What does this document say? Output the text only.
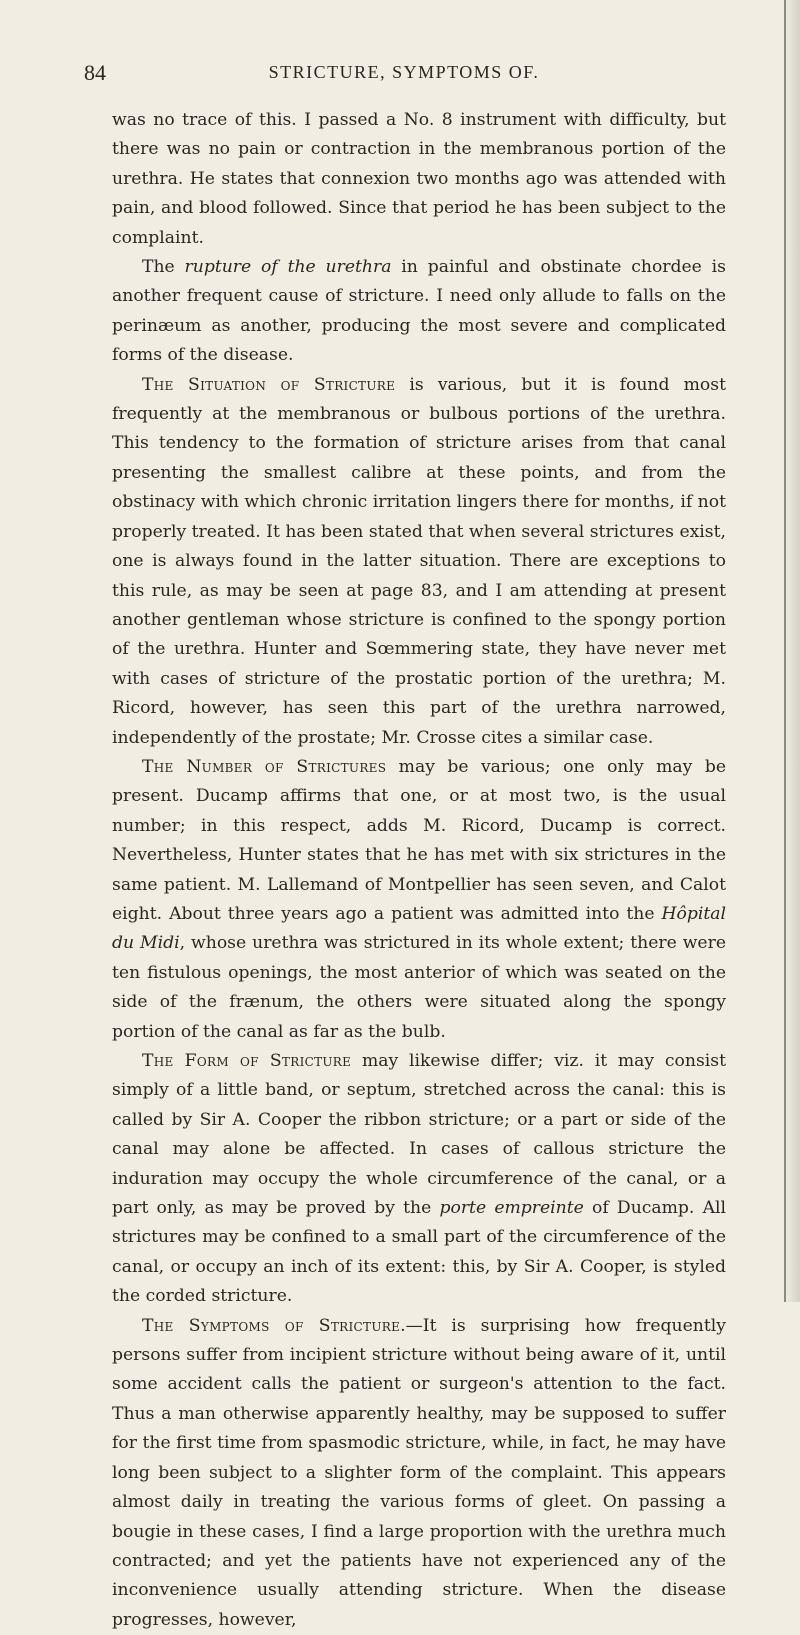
84	STRICTURE, SYMPTOMS OF.

was no trace of this. I passed a No. 8 instrument with difficulty, but there was no pain or contraction in the membranous portion of the urethra. He states that connexion two months ago was attended with pain, and blood followed. Since that period he has been subject to the complaint.

The rupture of the urethra in painful and obstinate chordee is another frequent cause of stricture. I need only allude to falls on the perinæum as another, producing the most severe and complicated forms of the disease.

The Situation of Stricture is various, but it is found most frequently at the membranous or bulbous portions of the urethra. This tendency to the formation of stricture arises from that canal presenting the smallest calibre at these points, and from the obstinacy with which chronic irritation lingers there for months, if not properly treated. It has been stated that when several strictures exist, one is always found in the latter situation. There are exceptions to this rule, as may be seen at page 83, and I am attending at present another gentleman whose stricture is confined to the spongy portion of the urethra. Hunter and Sœmmering state, they have never met with cases of stricture of the prostatic portion of the urethra; M. Ricord, however, has seen this part of the urethra narrowed, independently of the prostate; Mr. Crosse cites a similar case.

The Number of Strictures may be various; one only may be present. Ducamp affirms that one, or at most two, is the usual number; in this respect, adds M. Ricord, Ducamp is correct. Nevertheless, Hunter states that he has met with six strictures in the same patient. M. Lallemand of Montpellier has seen seven, and Calot eight. About three years ago a patient was admitted into the Hôpital du Midi, whose urethra was strictured in its whole extent; there were ten fistulous openings, the most anterior of which was seated on the side of the frænum, the others were situated along the spongy portion of the canal as far as the bulb.

The Form of Stricture may likewise differ; viz. it may consist simply of a little band, or septum, stretched across the canal: this is called by Sir A. Cooper the ribbon stricture; or a part or side of the canal may alone be affected. In cases of callous stricture the induration may occupy the whole circumference of the canal, or a part only, as may be proved by the porte empreinte of Ducamp. All strictures may be confined to a small part of the circumference of the canal, or occupy an inch of its extent: this, by Sir A. Cooper, is styled the corded stricture.

The Symptoms of Stricture.—It is surprising how frequently persons suffer from incipient stricture without being aware of it, until some accident calls the patient or surgeon's attention to the fact. Thus a man otherwise apparently healthy, may be supposed to suffer for the first time from spasmodic stricture, while, in fact, he may have long been subject to a slighter form of the complaint. This appears almost daily in treating the various forms of gleet. On passing a bougie in these cases, I find a large proportion with the urethra much contracted; and yet the patients have not experienced any of the inconvenience usually attending stricture. When the disease progresses, however,
